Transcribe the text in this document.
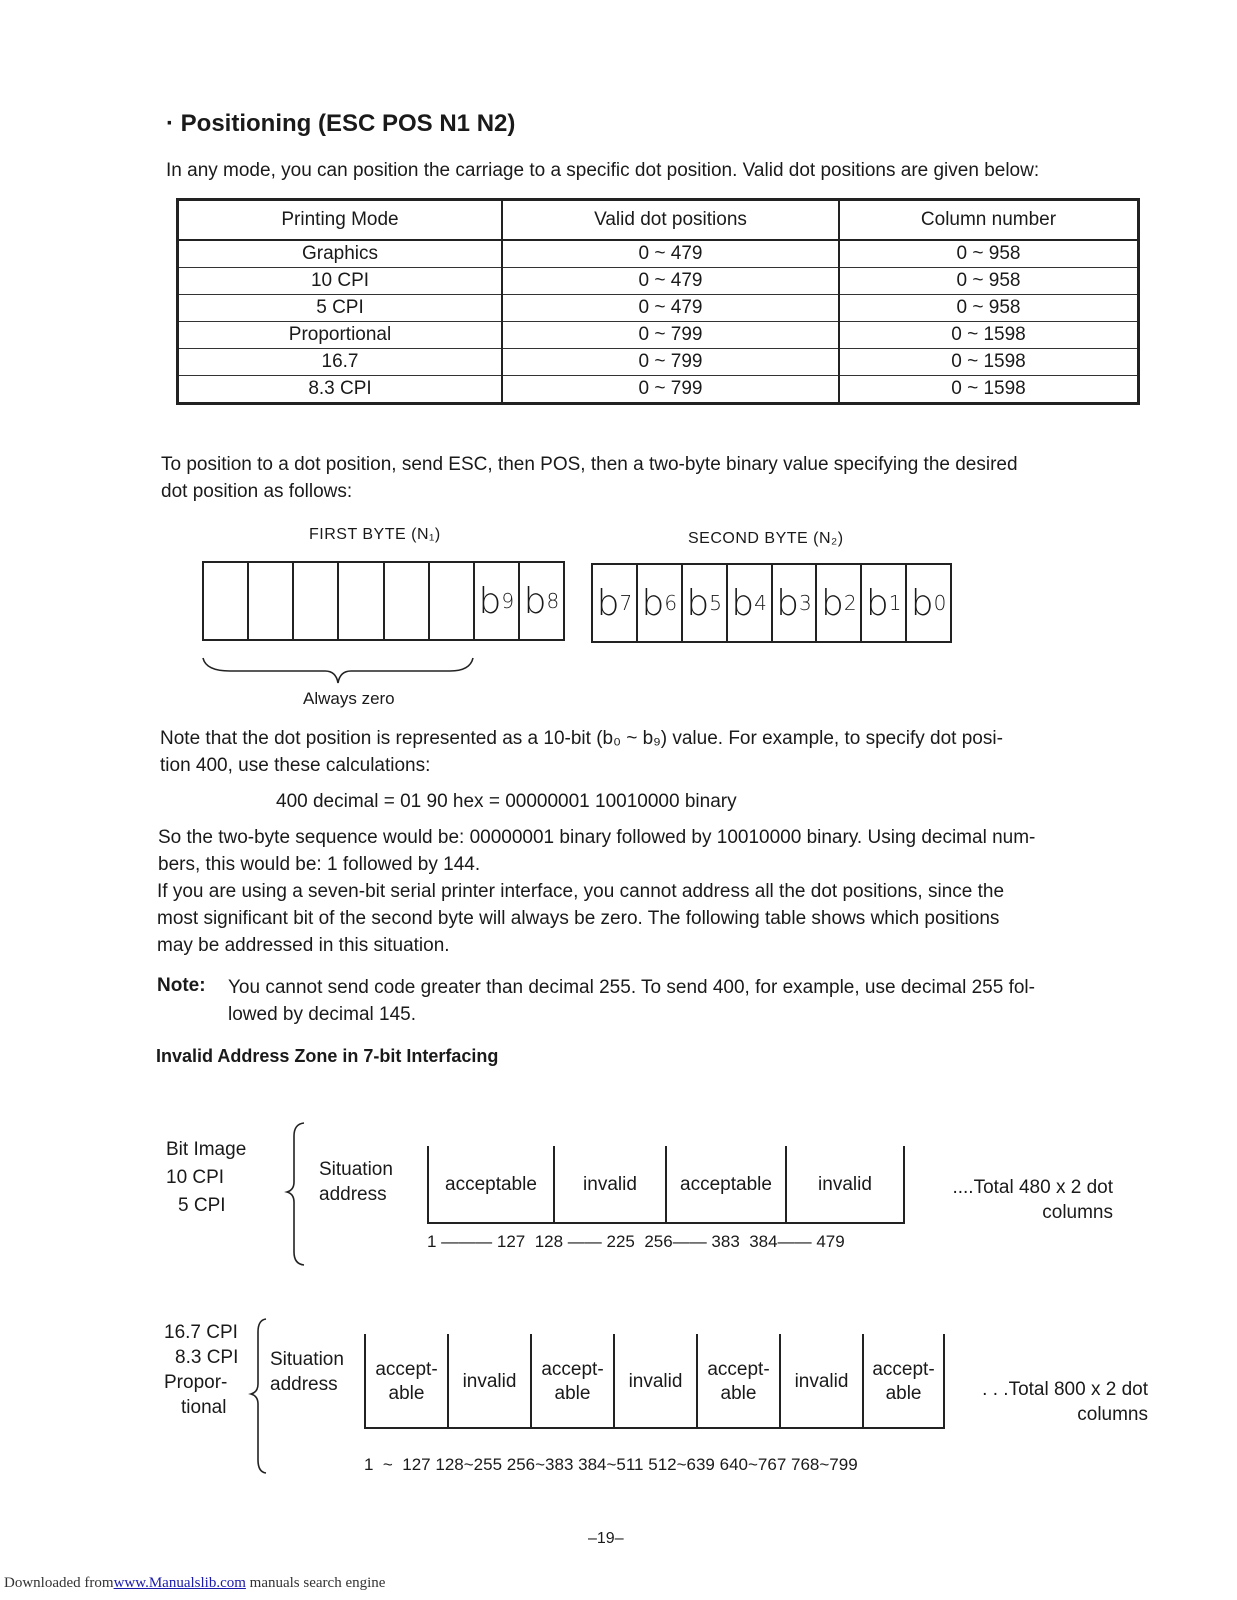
· Positioning (ESC POS N1 N2)
In any mode, you can position the carriage to a specific dot position. Valid dot positions are given below:
Printing Mode	Valid dot positions	Column number
Graphics	0 ~ 479	0 ~ 958
10 CPI	0 ~ 479	0 ~ 958
5 CPI	0 ~ 479	0 ~ 958
Proportional	0 ~ 799	0 ~ 1598
16.7	0 ~ 799	0 ~ 1598
8.3 CPI	0 ~ 799	0 ~ 1598
To position to a dot position, send ESC, then POS, then a two-byte binary value specifying the desired
dot position as follows:
FIRST BYTE (N₁)	SECOND BYTE (N₂)
b 9 b 8 b 7 b 6 b 5 b 4 b 3 b 2 b 1 b 0
Always zero
Note that the dot position is represented as a 10-bit (b₀ ~ b₉) value. For example, to specify dot posi-
tion 400, use these calculations:
400 decimal = 01 90 hex = 00000001 10010000 binary
So the two-byte sequence would be: 00000001 binary followed by 10010000 binary. Using decimal num-
bers, this would be: 1 followed by 144.
If you are using a seven-bit serial printer interface, you cannot address all the dot positions, since the
most significant bit of the second byte will always be zero. The following table shows which positions
may be addressed in this situation.
Note: You cannot send code greater than decimal 255. To send 400, for example, use decimal 255 fol-
lowed by decimal 145.
Invalid Address Zone in 7-bit Interfacing
Bit Image
10 CPI
5 CPI
Situation
address	acceptable	invalid	acceptable	invalid
1 ——— 127  128 —— 225  256—— 383  384—— 479
....Total 480 x 2 dot
columns
16.7 CPI
8.3 CPI
Propor-
tional
Situation
address
accept-
able
invalid
accept-
able
invalid
accept-
able
invalid
accept-
able
1  ~  127 128~255 256~383 384~511 512~639 640~767 768~799
. . .Total 800 x 2 dot
columns
–19–
Downloaded fromwww.Manualslib.com manuals search engine
